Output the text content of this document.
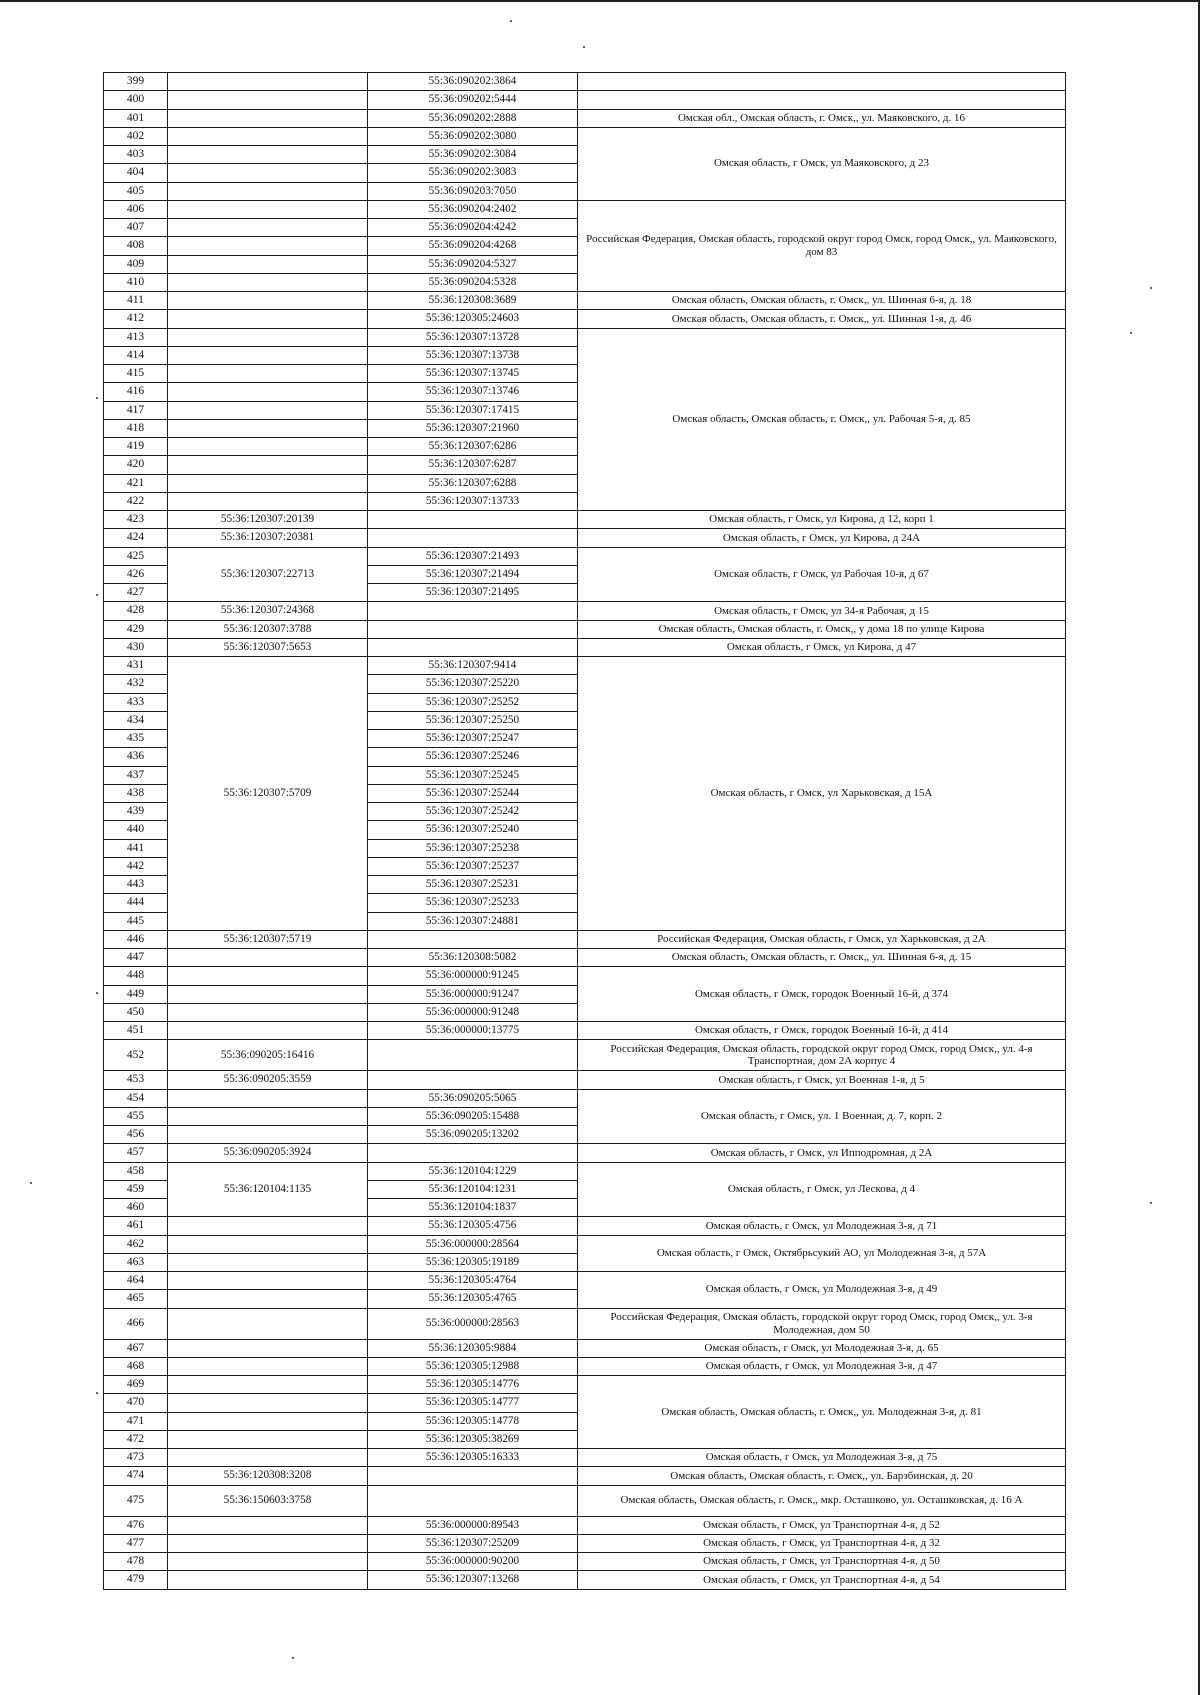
399		55:36:090202:3864	
400		55:36:090202:5444	
401		55:36:090202:2888	Омская обл., Омская область, г. Омск,, ул. Маяковского, д. 16
402		55:36:090202:3080	Омская область, г Омск, ул Маяковского, д 23
403		55:36:090202:3084	
404		55:36:090202:3083	
405		55:36:090203:7050	
406		55:36:090204:2402	Российская Федерация, Омская область, городской округ город Омск, город Омск,, ул. Маяковского, дом 83
407		55:36:090204:4242	
408		55:36:090204:4268	
409		55:36:090204:5327	
410		55:36:090204:5328	
411		55:36:120308:3689	Омская область, Омская область, г. Омск,, ул. Шинная 6-я, д. 18
412		55:36:120305:24603	Омская область, Омская область, г. Омск,, ул. Шинная 1-я, д. 46
413		55:36:120307:13728	Омская область, Омская область, г. Омск,, ул. Рабочая 5-я, д. 85
414		55:36:120307:13738	
415		55:36:120307:13745	
416		55:36:120307:13746	
417		55:36:120307:17415	
418		55:36:120307:21960	
419		55:36:120307:6286	
420		55:36:120307:6287	
421		55:36:120307:6288	
422		55:36:120307:13733	
423	55:36:120307:20139		Омская область, г Омск, ул Кирова, д 12, корп 1
424	55:36:120307:20381		Омская область, г Омск, ул Кирова, д 24А
425	55:36:120307:22713	55:36:120307:21493	Омская область, г Омск, ул Рабочая 10-я, д 67
426		55:36:120307:21494	
427		55:36:120307:21495	
428	55:36:120307:24368		Омская область, г Омск, ул 34-я Рабочая, д 15
429	55:36:120307:3788		Омская область, Омская область, г. Омск,, у дома 18 по улице Кирова
430	55:36:120307:5653		Омская область, г Омск, ул Кирова, д 47
431	55:36:120307:5709	55:36:120307:9414	Омская область, г Омск, ул Харьковская, д 15А
432		55:36:120307:25220	
433		55:36:120307:25252	
434		55:36:120307:25250	
435		55:36:120307:25247	
436		55:36:120307:25246	
437		55:36:120307:25245	
438		55:36:120307:25244	
439		55:36:120307:25242	
440		55:36:120307:25240	
441		55:36:120307:25238	
442		55:36:120307:25237	
443		55:36:120307:25231	
444		55:36:120307:25233	
445		55:36:120307:24881	
446	55:36:120307:5719		Российская Федерация, Омская область, г Омск, ул Харьковская, д 2А
447		55:36:120308:5082	Омская область, Омская область, г. Омск,, ул. Шинная 6-я, д. 15
448		55:36:000000:91245	Омская область, г Омск, городок Военный 16-й, д 374
449		55:36:000000:91247	
450		55:36:000000:91248	
451		55:36:000000:13775	Омская область, г Омск, городок Военный 16-й, д 414
452	55:36:090205:16416		Российская Федерация, Омская область, городской округ город Омск, город Омск,, ул. 4-я Транспортная, дом 2А корпус 4
453	55:36:090205:3559		Омская область, г Омск, ул Военная 1-я, д 5
454		55:36:090205:5065	Омская область, г Омск, ул. 1 Военная, д. 7, корп. 2
455		55:36:090205:15488	
456		55:36:090205:13202	
457	55:36:090205:3924		Омская область, г Омск, ул Ипподромная, д 2А
458	55:36:120104:1135	55:36:120104:1229	Омская область, г Омск, ул Лескова, д 4
459		55:36:120104:1231	
460		55:36:120104:1837	
461		55:36:120305:4756	Омская область, г Омск, ул Молодежная 3-я, д 71
462		55:36:000000:28564	Омская область, г Омск, Октябрьсукий АО, ул Молодежная 3-я, д 57А
463		55:36:120305:19189	
464		55:36:120305:4764	Омская область, г Омск, ул Молодежная 3-я, д 49
465		55:36:120305:4765	
466		55:36:000000:28563	Российская Федерация, Омская область, городской округ город Омск, город Омск,, ул. 3-я Молодежная, дом 50
467		55:36:120305:9884	Омская область, г Омск, ул Молодежная 3-я, д. 65
468		55:36:120305:12988	Омская область, г Омск, ул Молодежная 3-я, д 47
469		55:36:120305:14776	Омская область, Омская область, г. Омск,, ул. Молодежная 3-я, д. 81
470		55:36:120305:14777	
471		55:36:120305:14778	
472		55:36:120305:38269	
473		55:36:120305:16333	Омская область, г Омск, ул Молодежная 3-я, д 75
474	55:36:120308:3208		Омская область, Омская область, г. Омск,, ул. Барзбинская, д. 20
475	55:36:150603:3758		Омская область, Омская область, г. Омск,, мкр. Осташково, ул. Осташковская, д. 16 А
476		55:36:000000:89543	Омская область, г Омск, ул Транспортная 4-я, д 52
477		55:36:120307:25209	Омская область, г Омск, ул Транспортная 4-я, д 32
478		55:36:000000:90200	Омская область, г Омск, ул Транспортная 4-я, д 50
479		55:36:120307:13268	Омская область, г Омск, ул Транспортная 4-я, д 54
